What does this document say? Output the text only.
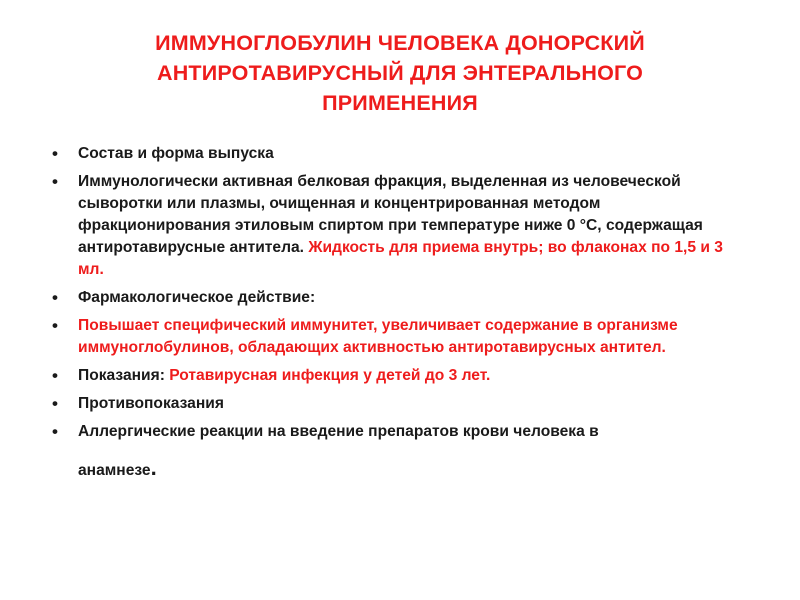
ИММУНОГЛОБУЛИН ЧЕЛОВЕКА ДОНОРСКИЙ
АНТИРОТАВИРУСНЫЙ ДЛЯ ЭНТЕРАЛЬНОГО
ПРИМЕНЕНИЯ
• Состав и форма выпуска
• Иммунологически активная белковая фракция, выделенная из человеческой сыворотки или плазмы, очищенная и концентрированная методом фракционирования этиловым спиртом при температуре ниже 0 °С, содержащая антиротавирусные антитела. Жидкость для приема внутрь; во флаконах по 1,5 и 3 мл.
• Фармакологическое действие:
• Повышает специфический иммунитет, увеличивает содержание в организме иммуноглобулинов, обладающих активностью антиротавирусных антител.
• Показания: Ротавирусная инфекция у детей до 3 лет.
• Противопоказания
• Аллергические реакции на введение препаратов крови человека в
анамнезе.
